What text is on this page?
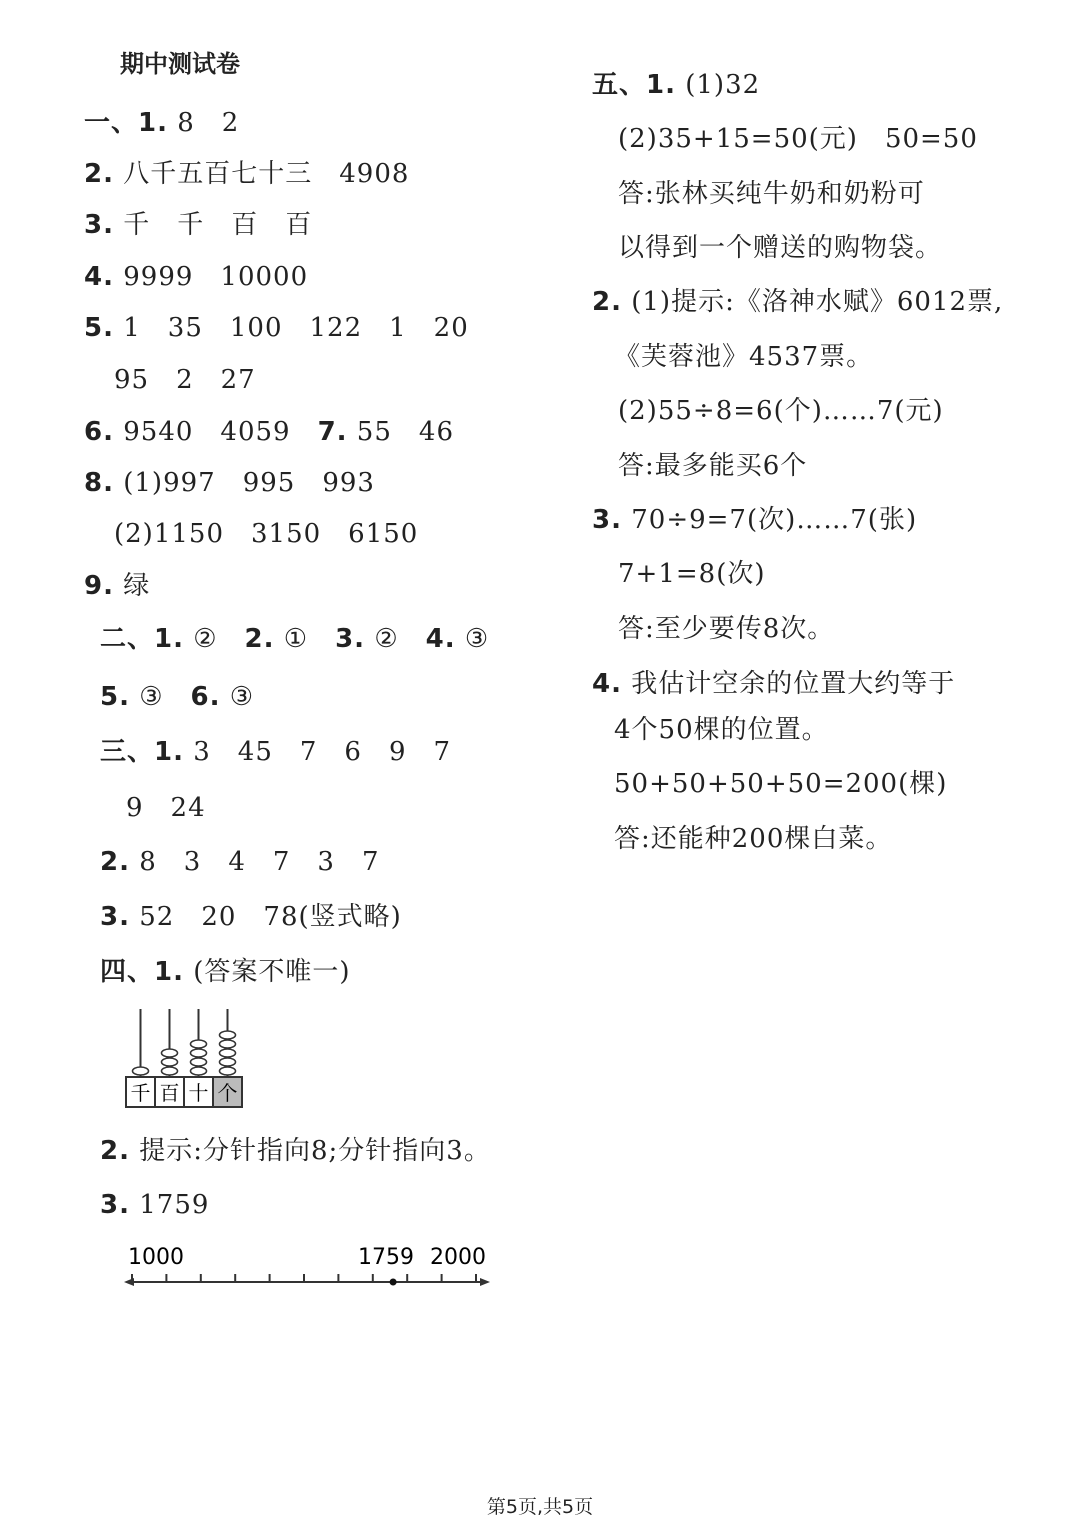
期中测试卷
一、1. 8　2
2. 八千五百七十三　4908
3. 千　千　百　百
4. 9999　10000
5. 1　35　100　122　1　20
95　2　27
6. 9540　4059　7. 55　46
8. (1)997　995　993
(2)1150　3150　6150
9. 绿
二、1. ②　2. ①　3. ②　4. ③
5. ③　6. ③
三、1. 3　45　7　6　9　7
9　24
2. 8　3　4　7　3　7
3. 52　20　78(竖式略)
四、1. (答案不唯一)
千 百 十 个
2. 提示:分针指向8;分针指向3。
3. 1759
1000	1759 2000
五、1. (1)32
(2)35+15=50(元)　50=50
答:张林买纯牛奶和奶粉可
以得到一个赠送的购物袋。
2. (1)提示:《洛神水赋》6012票,
《芙蓉池》4537票。
(2)55÷8=6(个)……7(元)
答:最多能买6个
3. 70÷9=7(次)……7(张)
7+1=8(次)
答:至少要传8次。
4. 我估计空余的位置大约等于
4个50棵的位置。
50+50+50+50=200(棵)
答:还能种200棵白菜。
第5页,共5页
